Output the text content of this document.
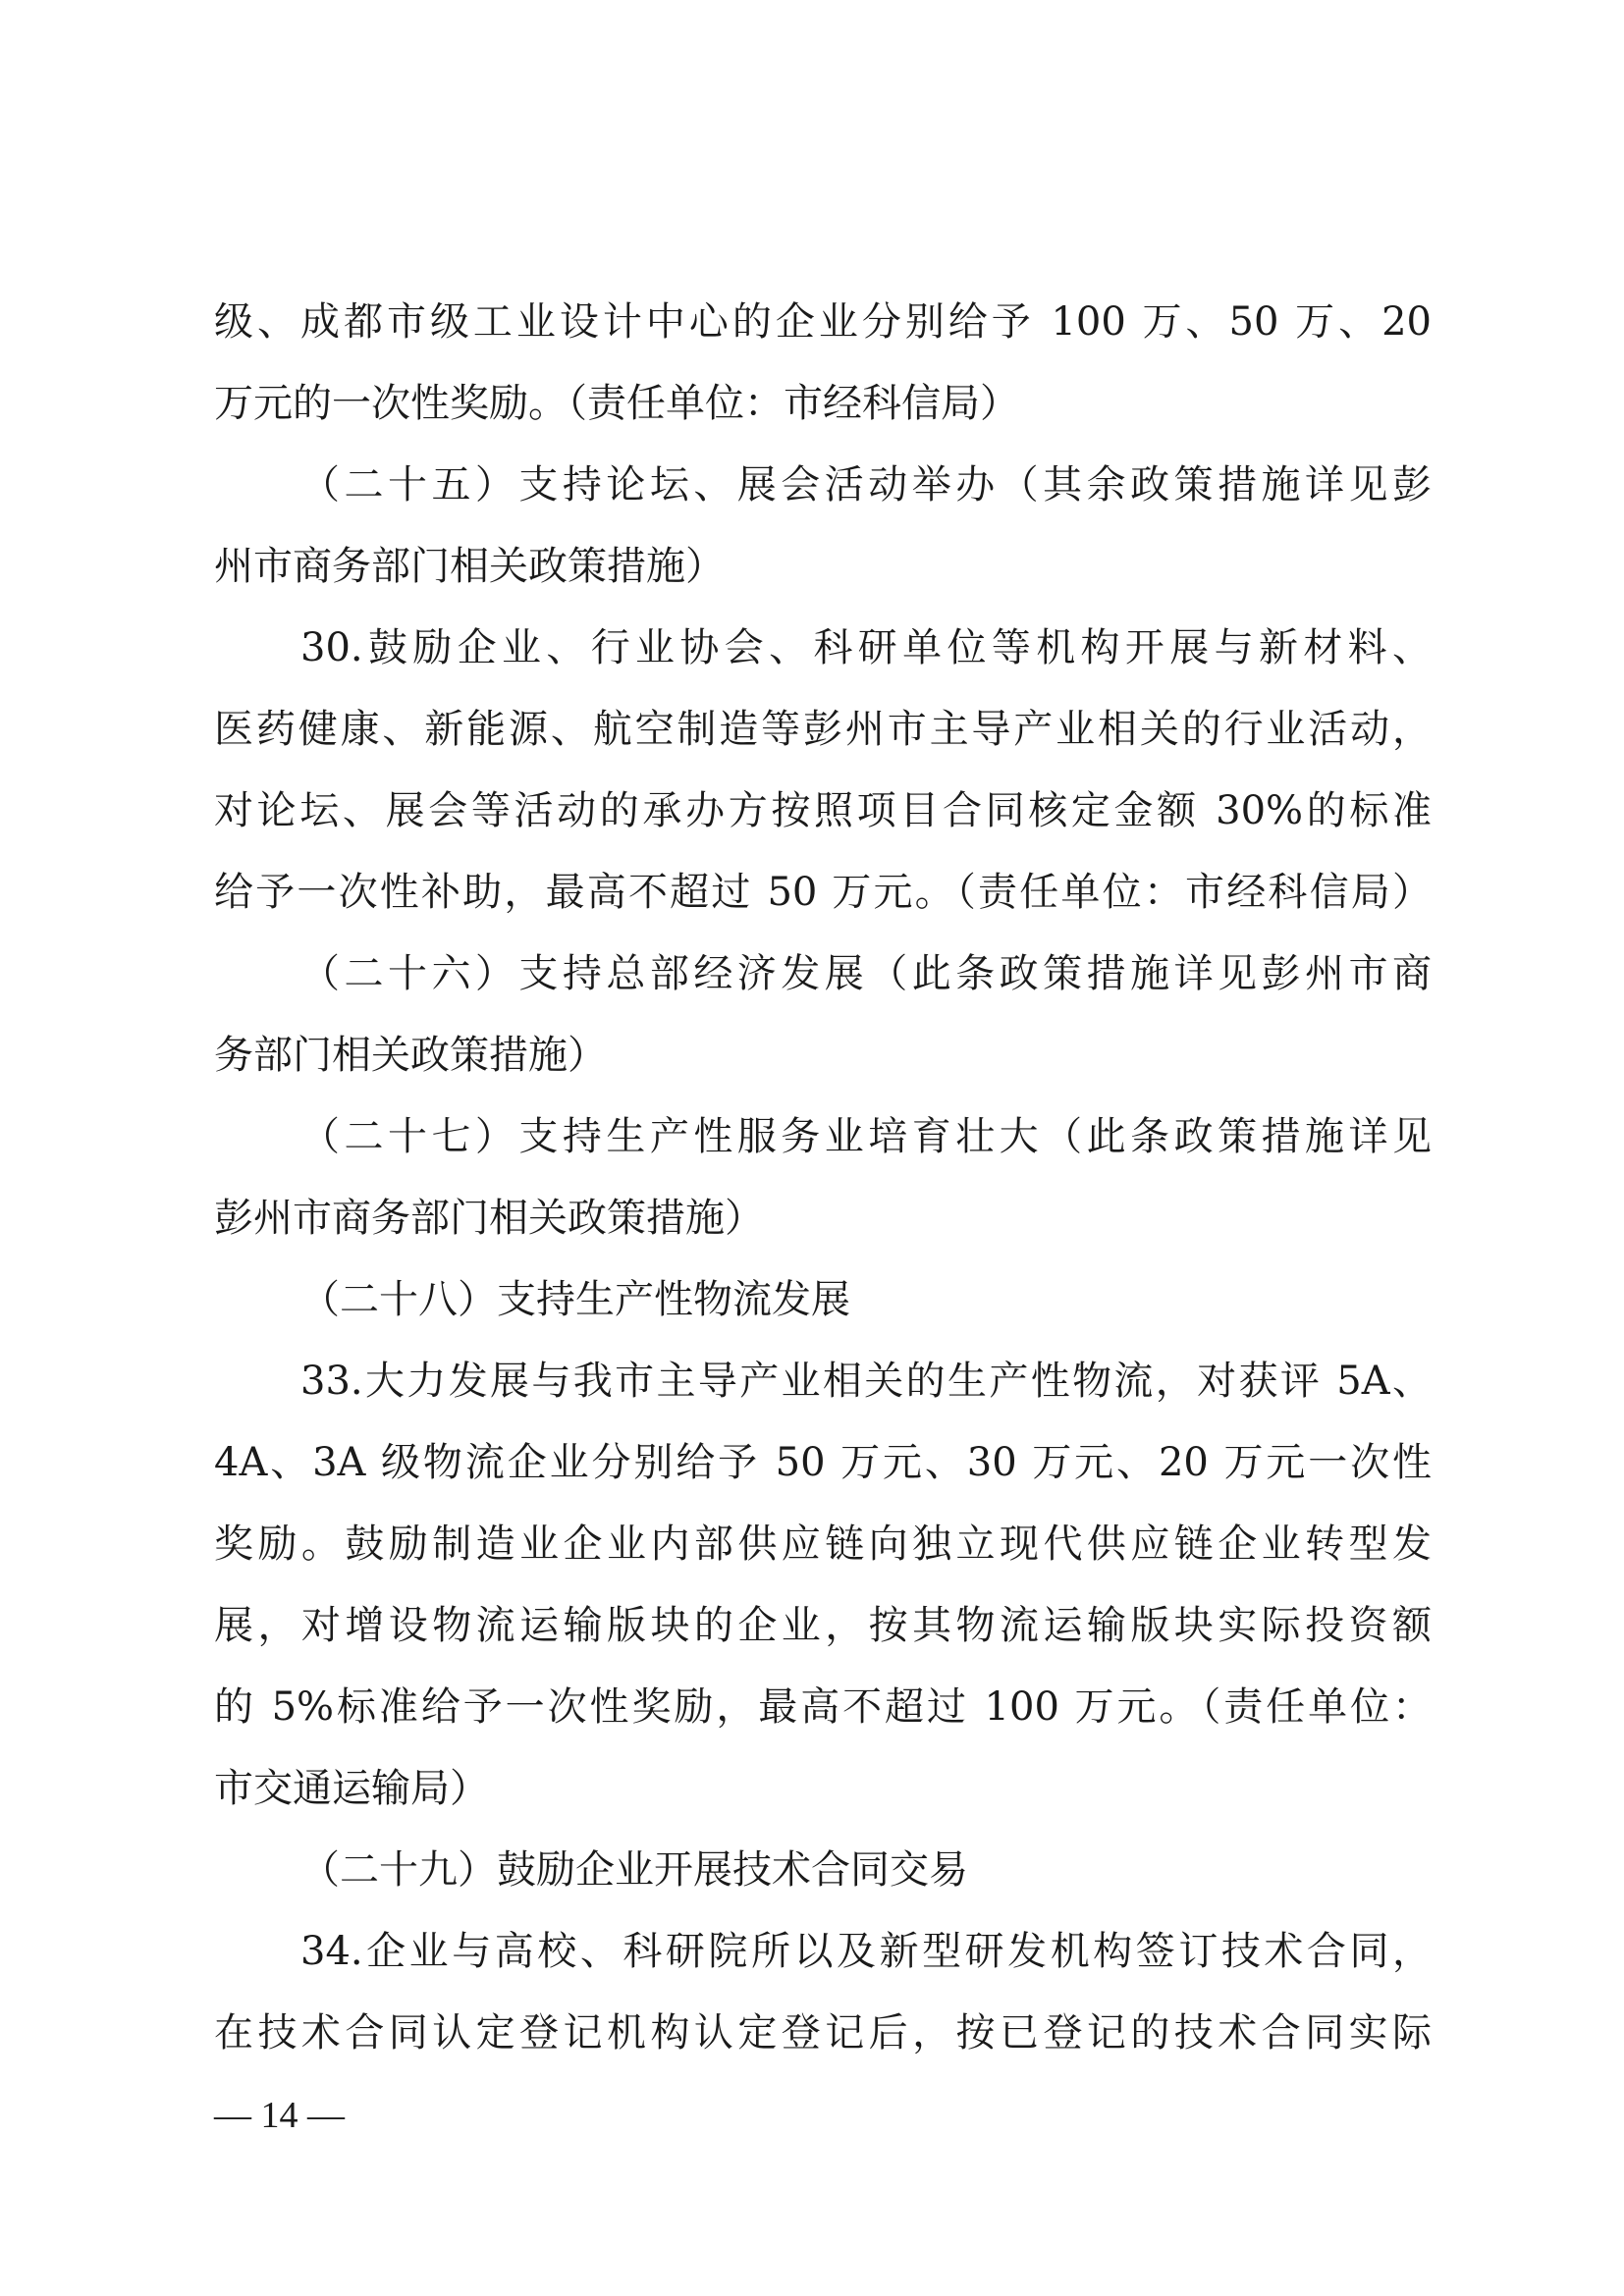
级、成都市级工业设计中心的企业分别给予 100 万、50 万、20
万元的一次性奖励。（责任单位：市经科信局）
（二十五）支持论坛、展会活动举办（其余政策措施详见彭
州市商务部门相关政策措施）
30.鼓励企业、行业协会、科研单位等机构开展与新材料、
医药健康、新能源、航空制造等彭州市主导产业相关的行业活动，
对论坛、展会等活动的承办方按照项目合同核定金额 30%的标准
给予一次性补助，最高不超过 50 万元。（责任单位：市经科信局）
（二十六）支持总部经济发展（此条政策措施详见彭州市商
务部门相关政策措施）
（二十七）支持生产性服务业培育壮大（此条政策措施详见
彭州市商务部门相关政策措施）
（二十八）支持生产性物流发展
33.大力发展与我市主导产业相关的生产性物流，对获评 5A、
4A、3A 级物流企业分别给予 50 万元、30 万元、20 万元一次性
奖励。鼓励制造业企业内部供应链向独立现代供应链企业转型发
展，对增设物流运输版块的企业，按其物流运输版块实际投资额
的 5%标准给予一次性奖励，最高不超过 100 万元。（责任单位：
市交通运输局）
（二十九）鼓励企业开展技术合同交易
34.企业与高校、科研院所以及新型研发机构签订技术合同，
在技术合同认定登记机构认定登记后，按已登记的技术合同实际
— 14 —
